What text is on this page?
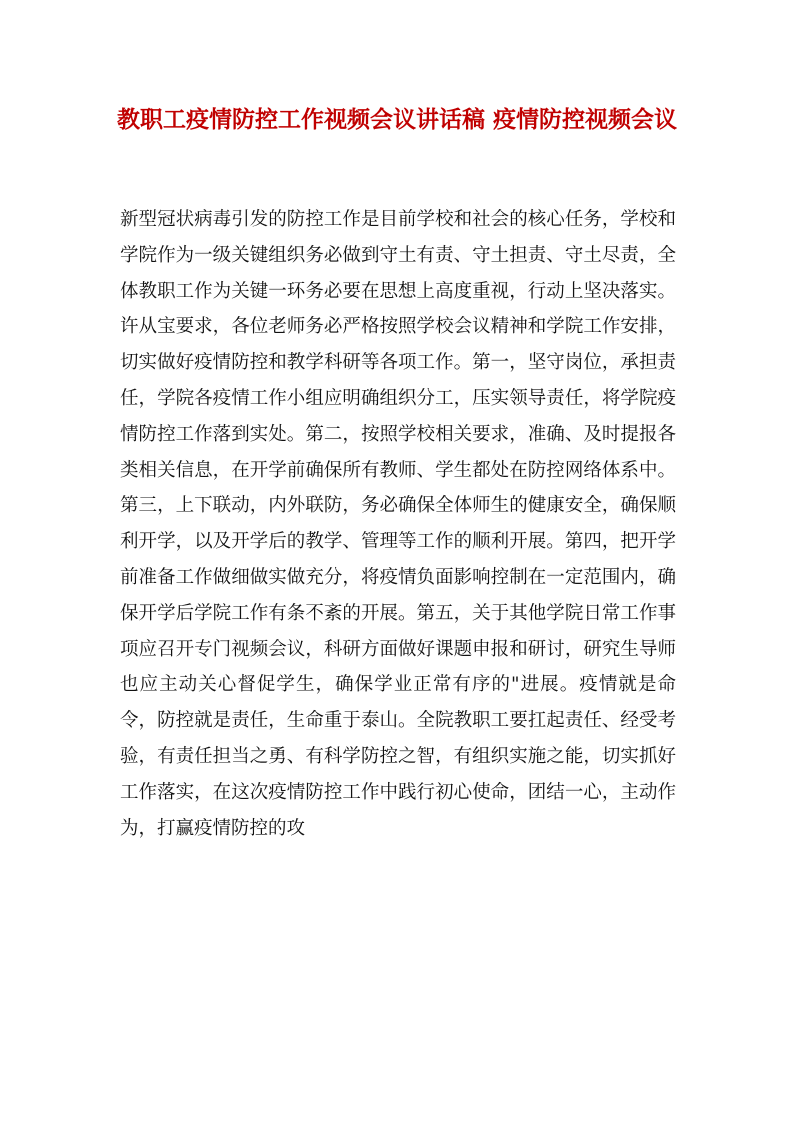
教职工疫情防控工作视频会议讲话稿 疫情防控视频会议

新型冠状病毒引发的防控工作是目前学校和社会的核心任务，学校和学院作为一级关键组织务必做到守土有责、守土担责、守土尽责，全体教职工作为关键一环务必要在思想上高度重视，行动上坚决落实。许从宝要求，各位老师务必严格按照学校会议精神和学院工作安排，切实做好疫情防控和教学科研等各项工作。第一，坚守岗位，承担责任，学院各疫情工作小组应明确组织分工，压实领导责任，将学院疫情防控工作落到实处。第二，按照学校相关要求，准确、及时提报各类相关信息，在开学前确保所有教师、学生都处在防控网络体系中。第三，上下联动，内外联防，务必确保全体师生的健康安全，确保顺利开学，以及开学后的教学、管理等工作的顺利开展。第四，把开学前准备工作做细做实做充分，将疫情负面影响控制在一定范围内，确保开学后学院工作有条不紊的开展。第五，关于其他学院日常工作事项应召开专门视频会议，科研方面做好课题申报和研讨，研究生导师也应主动关心督促学生，确保学业正常有序的"进展。疫情就是命令，防控就是责任，生命重于泰山。全院教职工要扛起责任、经受考验，有责任担当之勇、有科学防控之智，有组织实施之能，切实抓好工作落实，在这次疫情防控工作中践行初心使命，团结一心，主动作为，打赢疫情防控的攻
